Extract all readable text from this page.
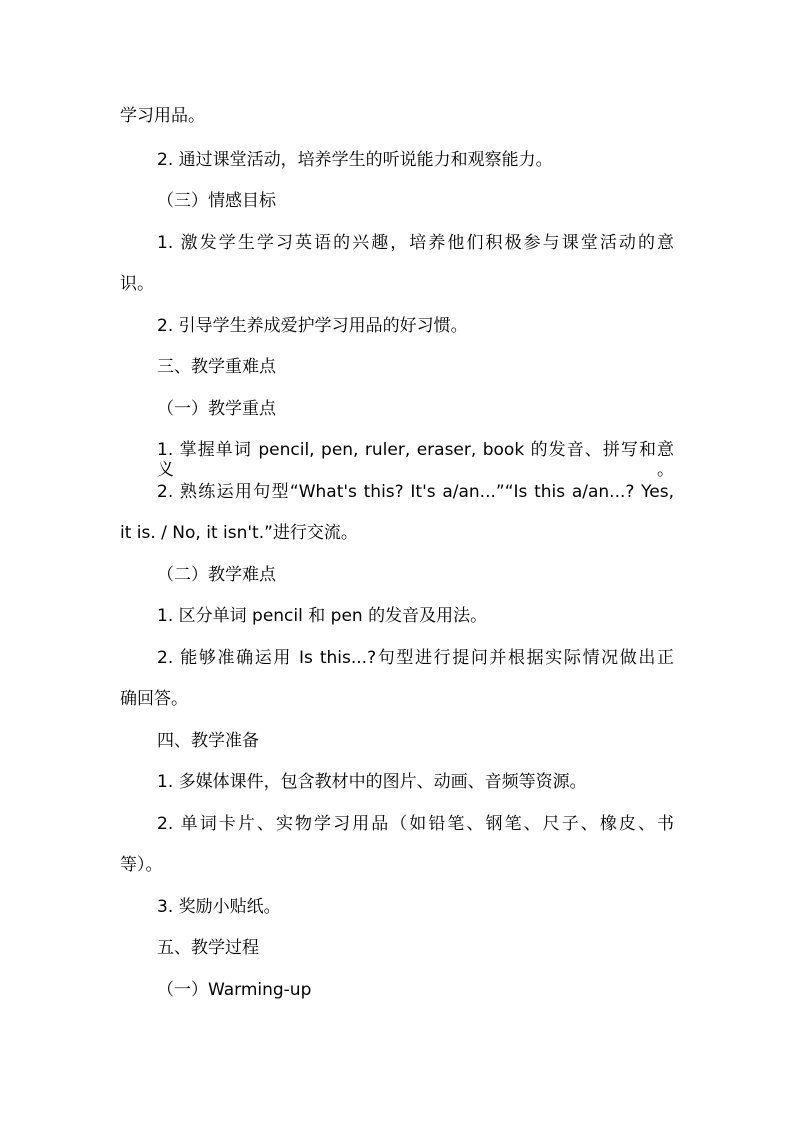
学习用品。
2. 通过课堂活动，培养学生的听说能力和观察能力。
（三）情感目标
1. 激发学生学习英语的兴趣，培养他们积极参与课堂活动的意
识。
2. 引导学生养成爱护学习用品的好习惯。
三、教学重难点
（一）教学重点
1. 掌握单词 pencil, pen, ruler, eraser, book 的发音、拼写和意义。
2. 熟练运用句型“What's this? It's a/an...”“Is this a/an...? Yes,
it is. / No, it isn't.”进行交流。
（二）教学难点
1. 区分单词 pencil 和 pen 的发音及用法。
2. 能够准确运用 Is this...?句型进行提问并根据实际情况做出正
确回答。
四、教学准备
1. 多媒体课件，包含教材中的图片、动画、音频等资源。
2. 单词卡片、实物学习用品（如铅笔、钢笔、尺子、橡皮、书
等）。
3. 奖励小贴纸。
五、教学过程
（一）Warming-up
